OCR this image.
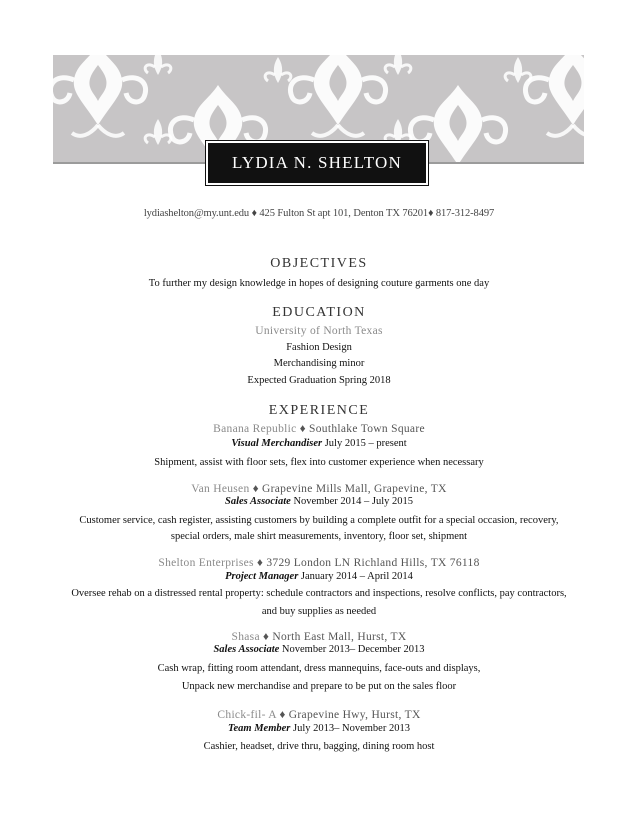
LYDIA N. SHELTON
lydiashelton@my.unt.edu ♦ 425 Fulton St apt 101, Denton TX 76201♦ 817-312-8497
OBJECTIVES
To further my design knowledge in hopes of designing couture garments one day
EDUCATION
University of North Texas
Fashion Design
Merchandising minor
Expected Graduation Spring 2018
EXPERIENCE
Banana Republic ♦ Southlake Town Square
Visual Merchandiser July 2015 – present
Shipment, assist with floor sets, flex into customer experience when necessary
Van Heusen ♦ Grapevine Mills Mall, Grapevine, TX
Sales Associate November 2014 – July 2015
Customer service, cash register, assisting customers by building a complete outfit for a special occasion, recovery,
special orders, male shirt measurements, inventory, floor set, shipment
Shelton Enterprises ♦ 3729 London LN Richland Hills, TX 76118
Project Manager January 2014 – April 2014
Oversee rehab on a distressed rental property: schedule contractors and inspections, resolve conflicts, pay contractors,
and buy supplies as needed
Shasa ♦ North East Mall, Hurst, TX
Sales Associate November 2013– December 2013
Cash wrap, fitting room attendant, dress mannequins, face-outs and displays,
Unpack new merchandise and prepare to be put on the sales floor
Chick-fil- A ♦ Grapevine Hwy, Hurst, TX
Team Member July 2013– November 2013
Cashier, headset, drive thru, bagging, dining room host
